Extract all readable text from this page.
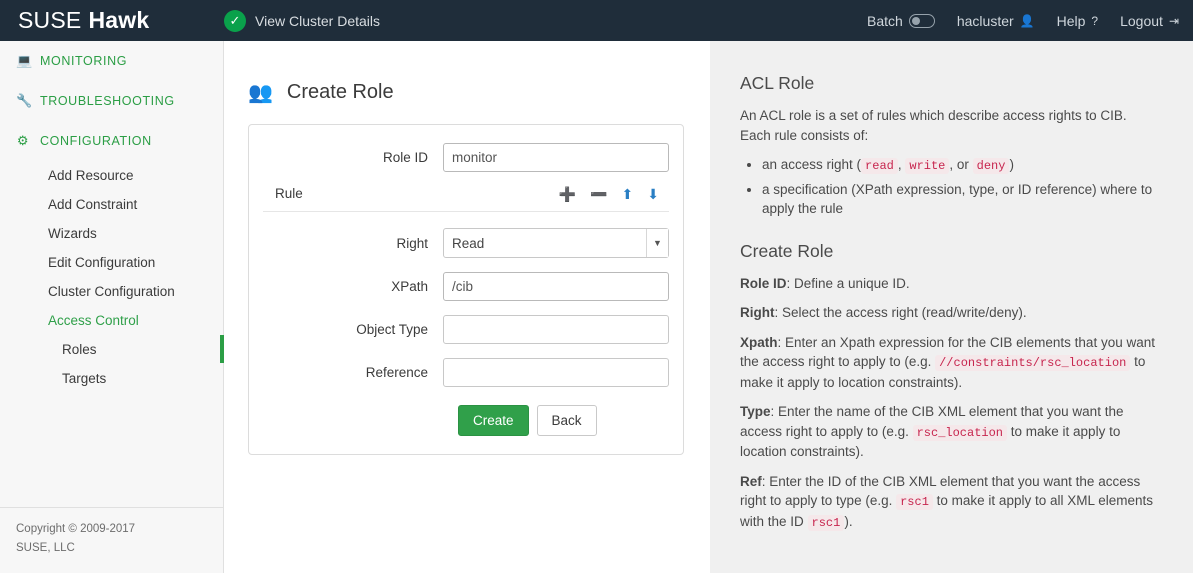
SUSE Hawk	✓	View Cluster Details	Batch	hacluster 👤 Help ? Logout ⇥
💻 MONITORING
🔧 TROUBLESHOOTING
⚙ CONFIGURATION
Add Resource
Add Constraint
Wizards
Edit Configuration
Cluster Configuration
Access Control
Roles
Targets
Copyright © 2009-2017
SUSE, LLC
👥 Create Role
Role ID
monitor
Rule	➕ ➖ ⬆ ⬇
Right
Read	▼
XPath
/cib
Object Type
Reference
Create	Back
ACL Role

An ACL role is a set of rules which describe access rights to CIB. Each rule consists of:

• an access right ( read , write , or deny )
• a specification (XPath expression, type, or ID reference) where to apply the rule
Create Role

Role ID: Define a unique ID.

Right: Select the access right (read/write/deny).

Xpath: Enter an Xpath expression for the CIB elements that you want the access right to apply to (e.g. //constraints/rsc_location to make it apply to location constraints).

Type: Enter the name of the CIB XML element that you want the access right to apply to (e.g. rsc_location to make it apply to location constraints).

Ref: Enter the ID of the CIB XML element that you want the access right to apply to type (e.g. rsc1 to make it apply to all XML elements with the ID rsc1 ).
